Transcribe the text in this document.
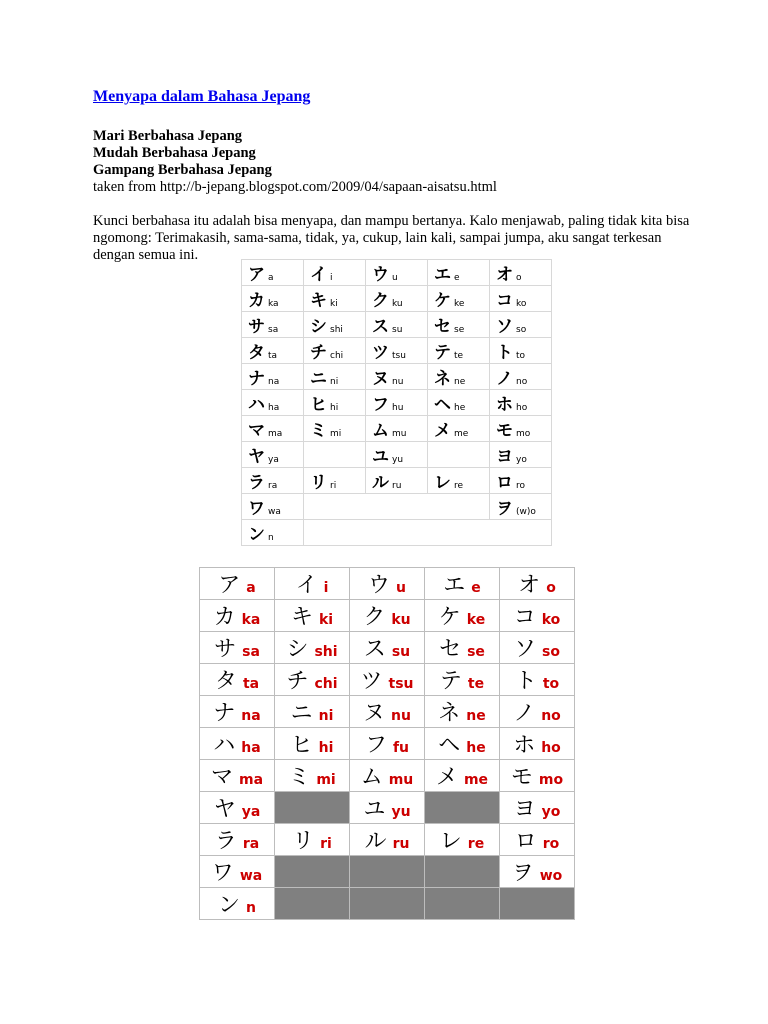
Menyapa dalam Bahasa Jepang
Mari Berbahasa Jepang
Mudah Berbahasa Jepang
Gampang Berbahasa Jepang
taken from http://b-jepang.blogspot.com/2009/04/sapaan-aisatsu.html
Kunci berbahasa itu adalah bisa menyapa, dan mampu bertanya. Kalo menjawab, paling tidak kita bisa ngomong: Terimakasih, sama-sama, tidak, ya, cukup, lain kali, sampai jumpa, aku sangat terkesan dengan semua ini.
ア a	イ i	ウ u	エ e	オ o
カ ka	キ ki	ク ku	ケ ke	コ ko
サ sa	シ shi	ス su	セ se	ソ so
タ ta	チ chi	ツ tsu	テ te	ト to
ナ na	ニ ni	ヌ nu	ネ ne	ノ no
ハ ha	ヒ hi	フ hu	ヘ he	ホ ho
マ ma	ミ mi	ム mu	メ me	モ mo
ヤ ya		ユ yu		ヨ yo
ラ ra	リ ri	ル ru	レ re	ロ ro
ワ wa				ヲ (w)o
ン n				
ア a	イ i	ウ u	エ e	オ o
カ ka	キ ki	ク ku	ケ ke	コ ko
サ sa	シ shi	ス su	セ se	ソ so
タ ta	チ chi	ツ tsu	テ te	ト to
ナ na	ニ ni	ヌ nu	ネ ne	ノ no
ハ ha	ヒ hi	フ fu	ヘ he	ホ ho
マ ma	ミ mi	ム mu	メ me	モ mo
ヤ ya		ユ yu		ヨ yo
ラ ra	リ ri	ル ru	レ re	ロ ro
ワ wa				ヲ wo
ン n				
